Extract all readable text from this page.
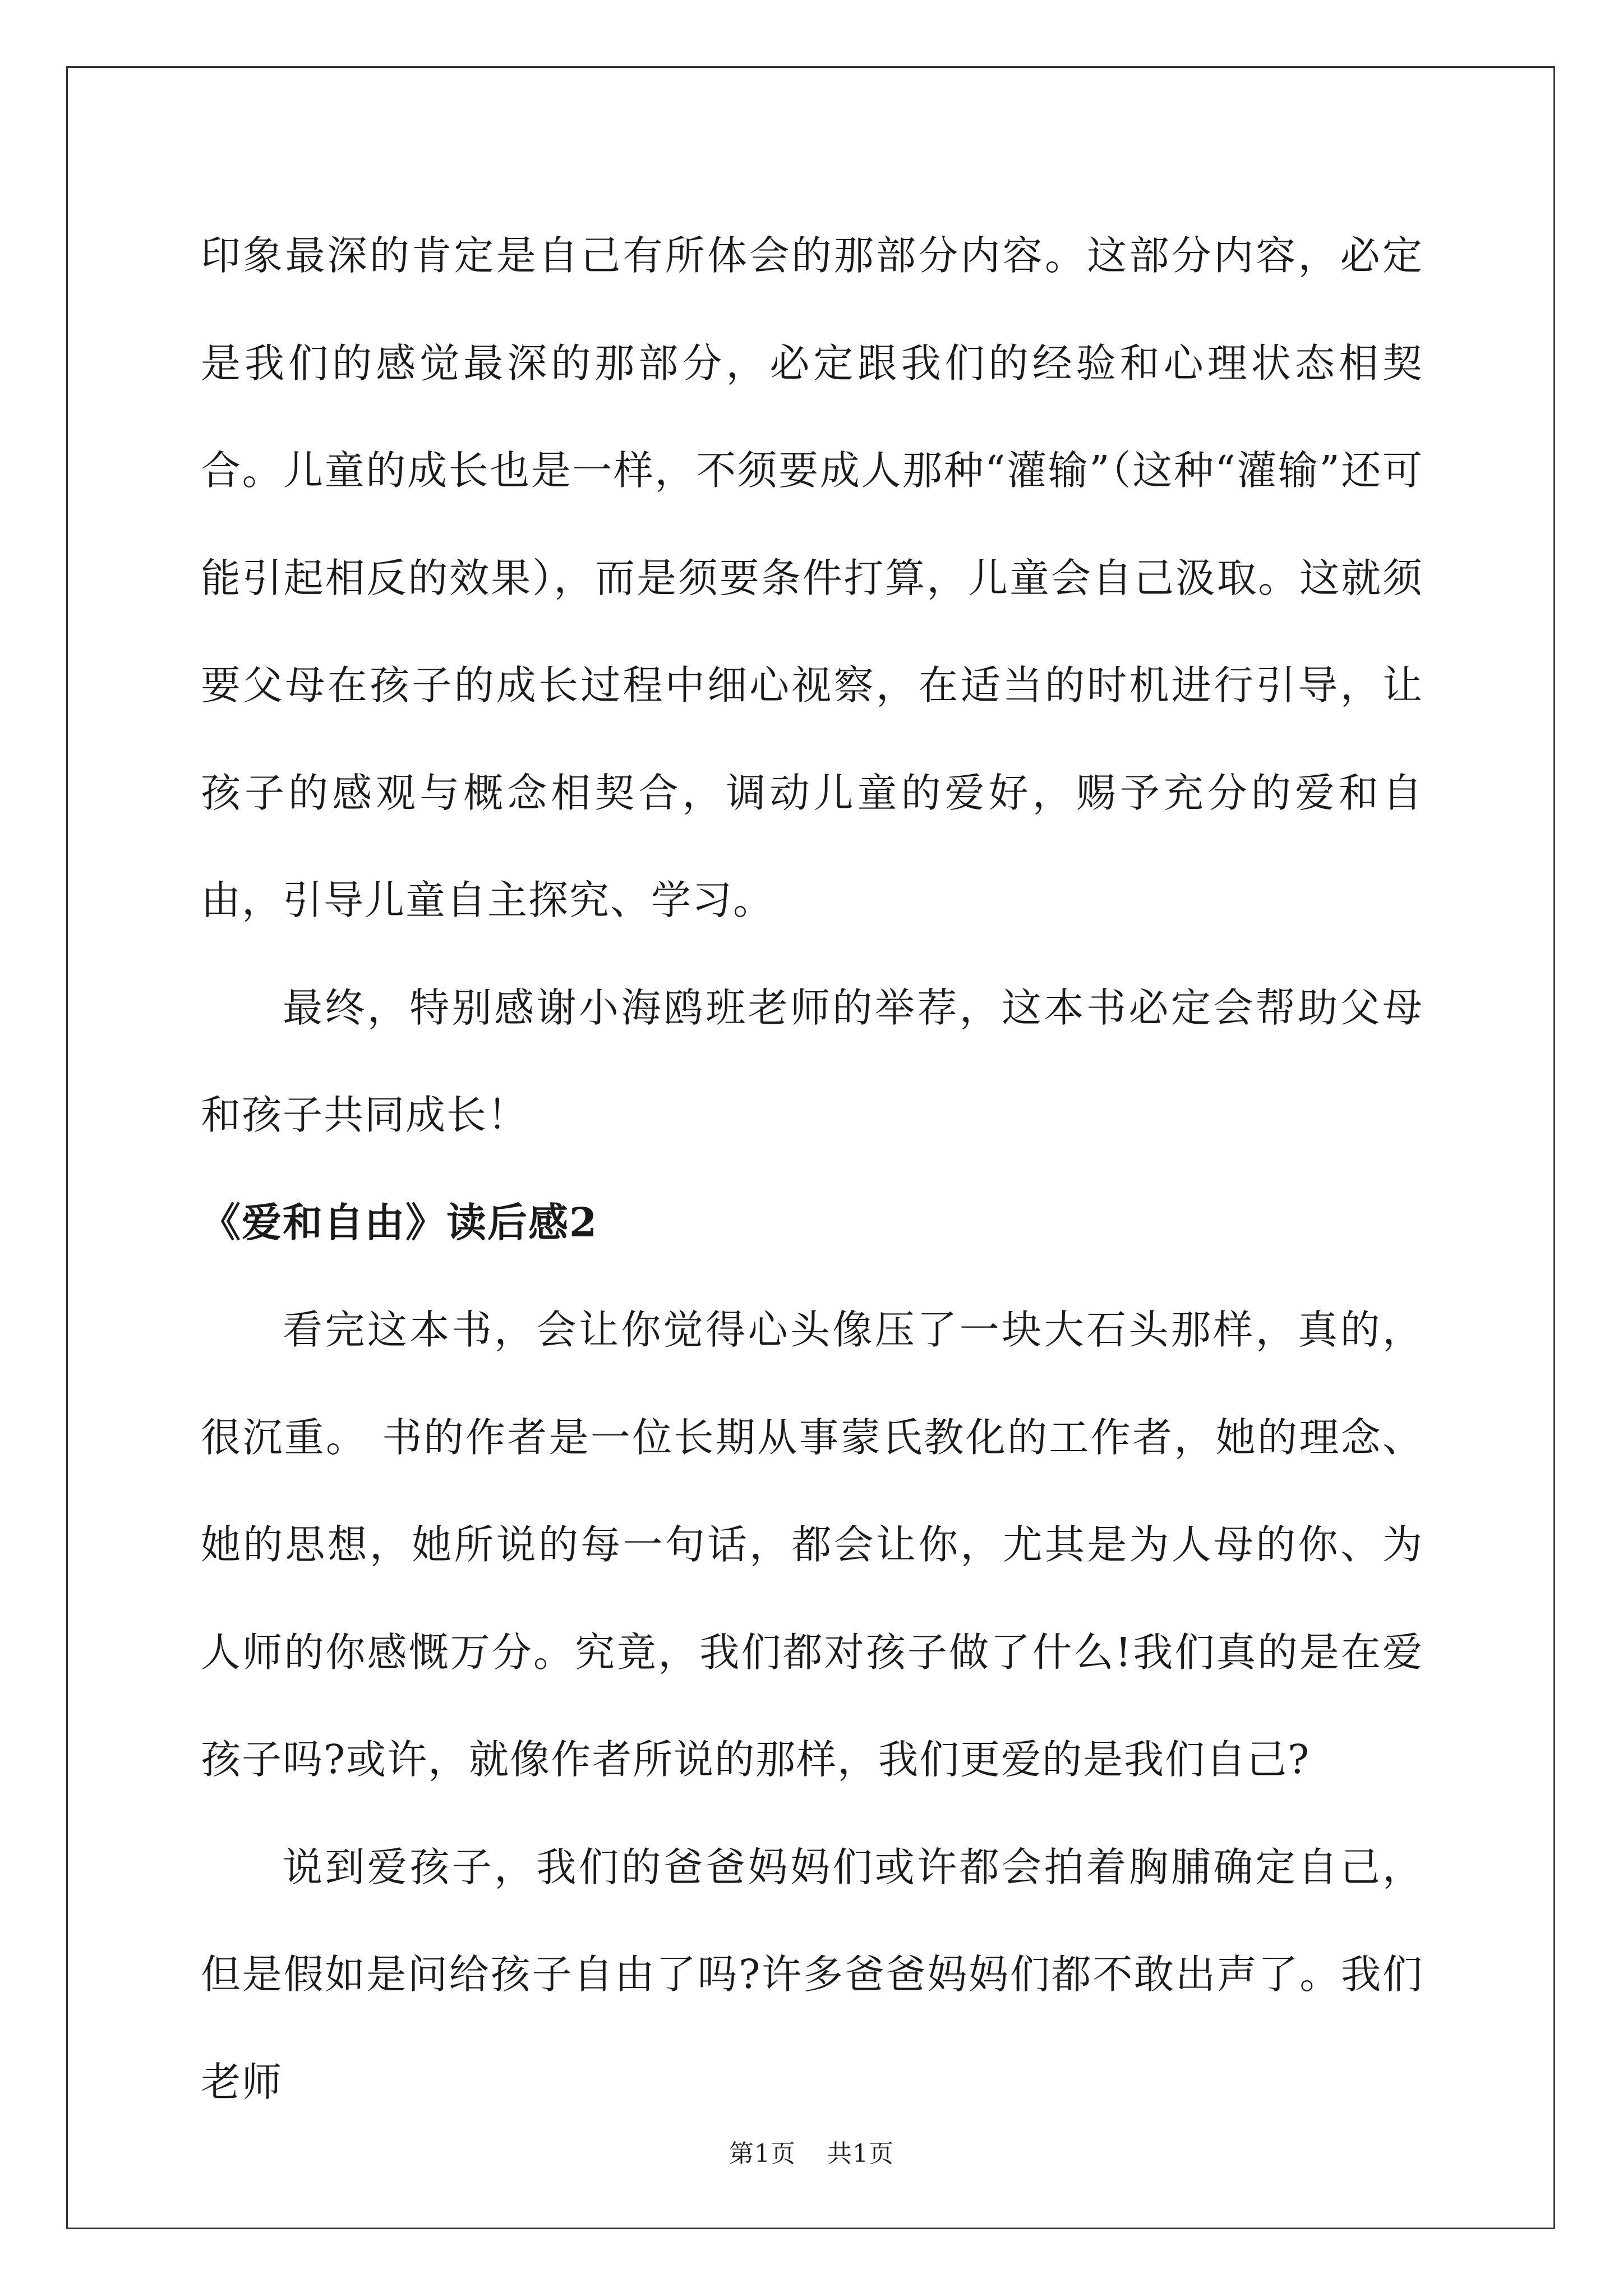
印象最深的肯定是自己有所体会的那部分内容。这部分内容，必定是我们的感觉最深的那部分，必定跟我们的经验和心理状态相契合。儿童的成长也是一样，不须要成人那种“灌输”（这种“灌输”还可能引起相反的效果），而是须要条件打算，儿童会自己汲取。这就须要父母在孩子的成长过程中细心视察，在适当的时机进行引导，让孩子的感观与概念相契合，调动儿童的爱好，赐予充分的爱和自由，引导儿童自主探究、学习。

最终，特别感谢小海鸥班老师的举荐，这本书必定会帮助父母和孩子共同成长！

《爱和自由》读后感2

看完这本书，会让你觉得心头像压了一块大石头那样，真的，很沉重。 书的作者是一位长期从事蒙氏教化的工作者，她的理念、她的思想，她所说的每一句话，都会让你，尤其是为人母的你、为人师的你感慨万分。究竟，我们都对孩子做了什么!我们真的是在爱孩子吗?或许，就像作者所说的那样，我们更爱的是我们自己?

说到爱孩子，我们的爸爸妈妈们或许都会拍着胸脯确定自己，但是假如是问给孩子自由了吗?许多爸爸妈妈们都不敢出声了。我们老师

第1页 共1页
